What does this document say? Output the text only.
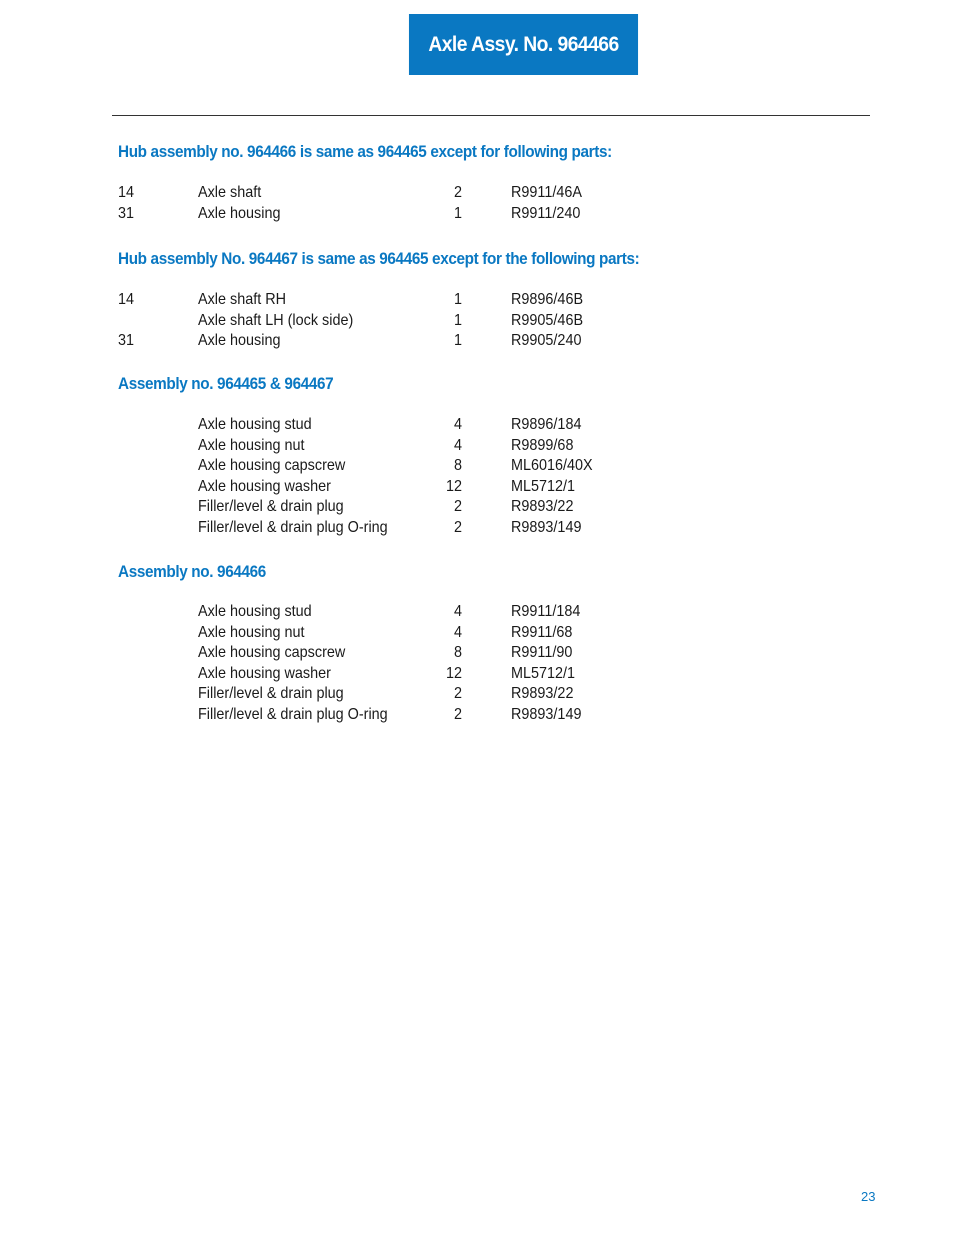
Axle Assy. No. 964466
Hub assembly no. 964466 is same as 964465 except for following parts:
14	Axle shaft	2	R9911/46A
31	Axle housing	1	R9911/240
Hub assembly No. 964467 is same as 964465 except for the following parts:
14	Axle shaft RH	1	R9896/46B
Axle shaft LH (lock side)	1	R9905/46B
31	Axle housing	1	R9905/240
Assembly no. 964465 & 964467
Axle housing stud	4	R9896/184
Axle housing nut	4	R9899/68
Axle housing capscrew	8	ML6016/40X
Axle housing washer	12	ML5712/1
Filler/level & drain plug	2	R9893/22
Filler/level & drain plug O-ring	2	R9893/149
Assembly no. 964466
Axle housing stud	4	R9911/184
Axle housing nut	4	R9911/68
Axle housing capscrew	8	R9911/90
Axle housing washer	12	ML5712/1
Filler/level & drain plug	2	R9893/22
Filler/level & drain plug O-ring	2	R9893/149
23
